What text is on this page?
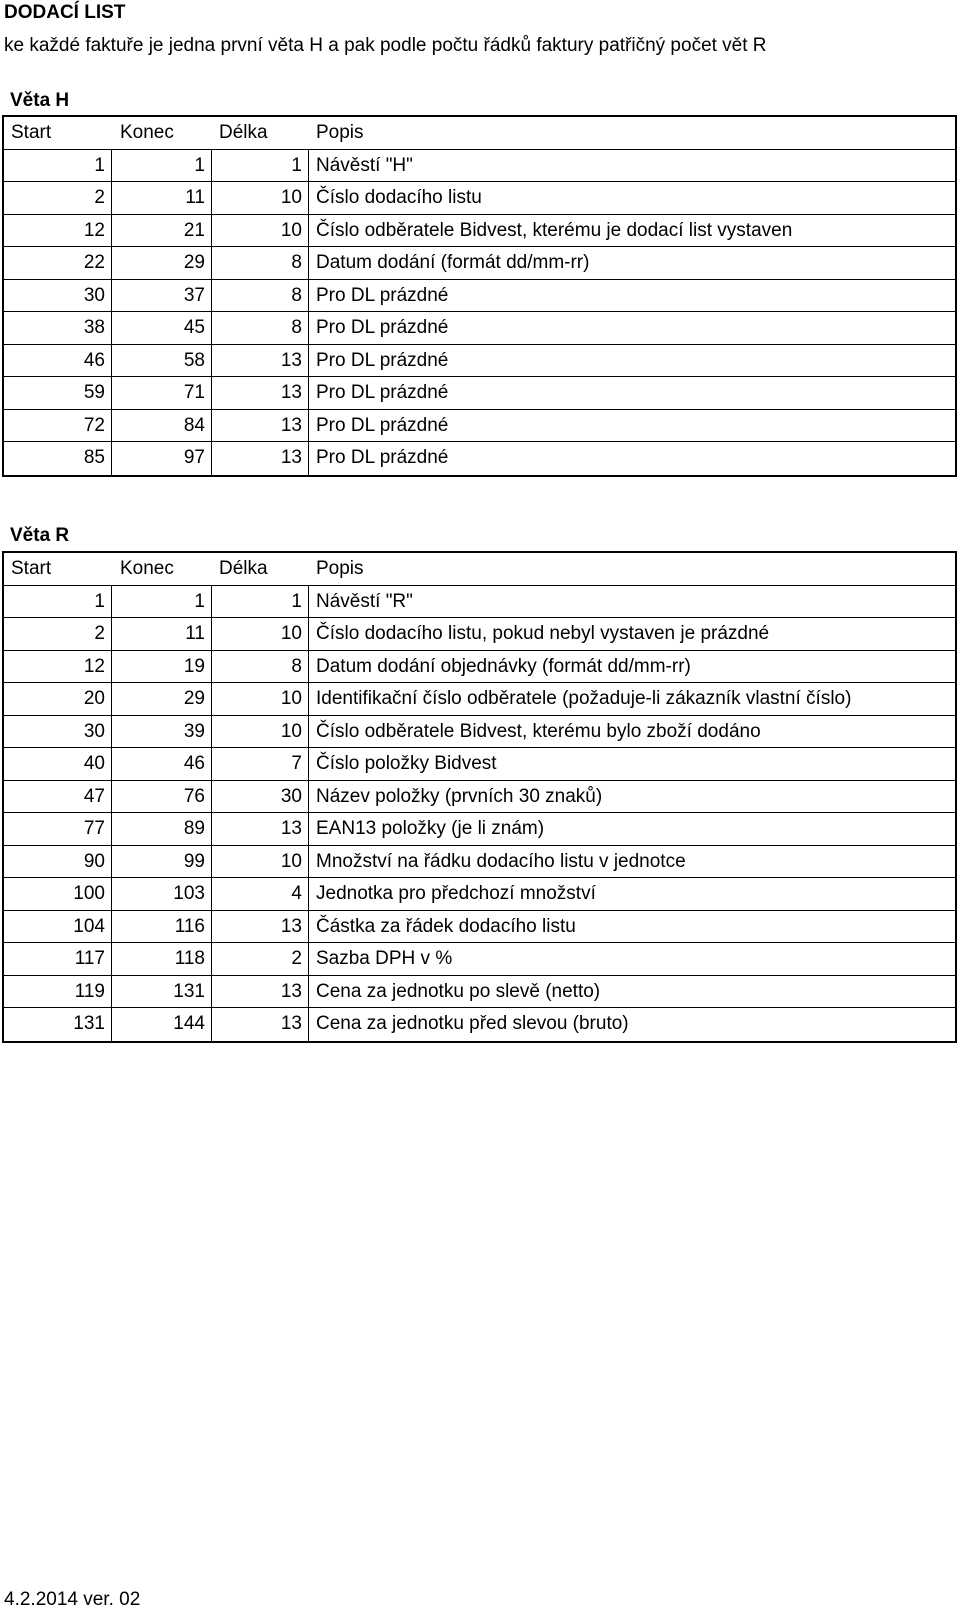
DODACÍ LIST
ke každé faktuře je jedna první věta H a pak podle počtu řádků faktury patřičný počet vět R
Věta H
Start	Konec	Délka	Popis
1	1	1 Návěstí "H"
2	11	10 Číslo dodacího listu
12	21	10 Číslo odběratele Bidvest, kterému je dodací list vystaven
22	29	8 Datum dodání (formát dd/mm-rr)
30	37	8 Pro DL prázdné
38	45	8 Pro DL prázdné
46	58	13 Pro DL prázdné
59	71	13 Pro DL prázdné
72	84	13 Pro DL prázdné
85	97	13 Pro DL prázdné
Věta R
Start	Konec	Délka	Popis
1	1	1 Návěstí "R"
2	11	10 Číslo dodacího listu, pokud nebyl vystaven je prázdné
12	19	8 Datum dodání objednávky (formát dd/mm-rr)
20	29	10 Identifikační číslo odběratele (požaduje-li zákazník vlastní číslo)
30	39	10 Číslo odběratele Bidvest, kterému bylo zboží dodáno
40	46	7 Číslo položky Bidvest
47	76	30 Název položky (prvních 30 znaků)
77	89	13 EAN13 položky (je li znám)
90	99	10 Množství na řádku dodacího listu v jednotce
100	103	4 Jednotka pro předchozí množství
104	116	13 Částka za řádek dodacího listu
117	118	2 Sazba DPH v %
119	131	13 Cena za jednotku po slevě (netto)
131	144	13 Cena za jednotku před slevou (bruto)
4.2.2014 ver. 02
